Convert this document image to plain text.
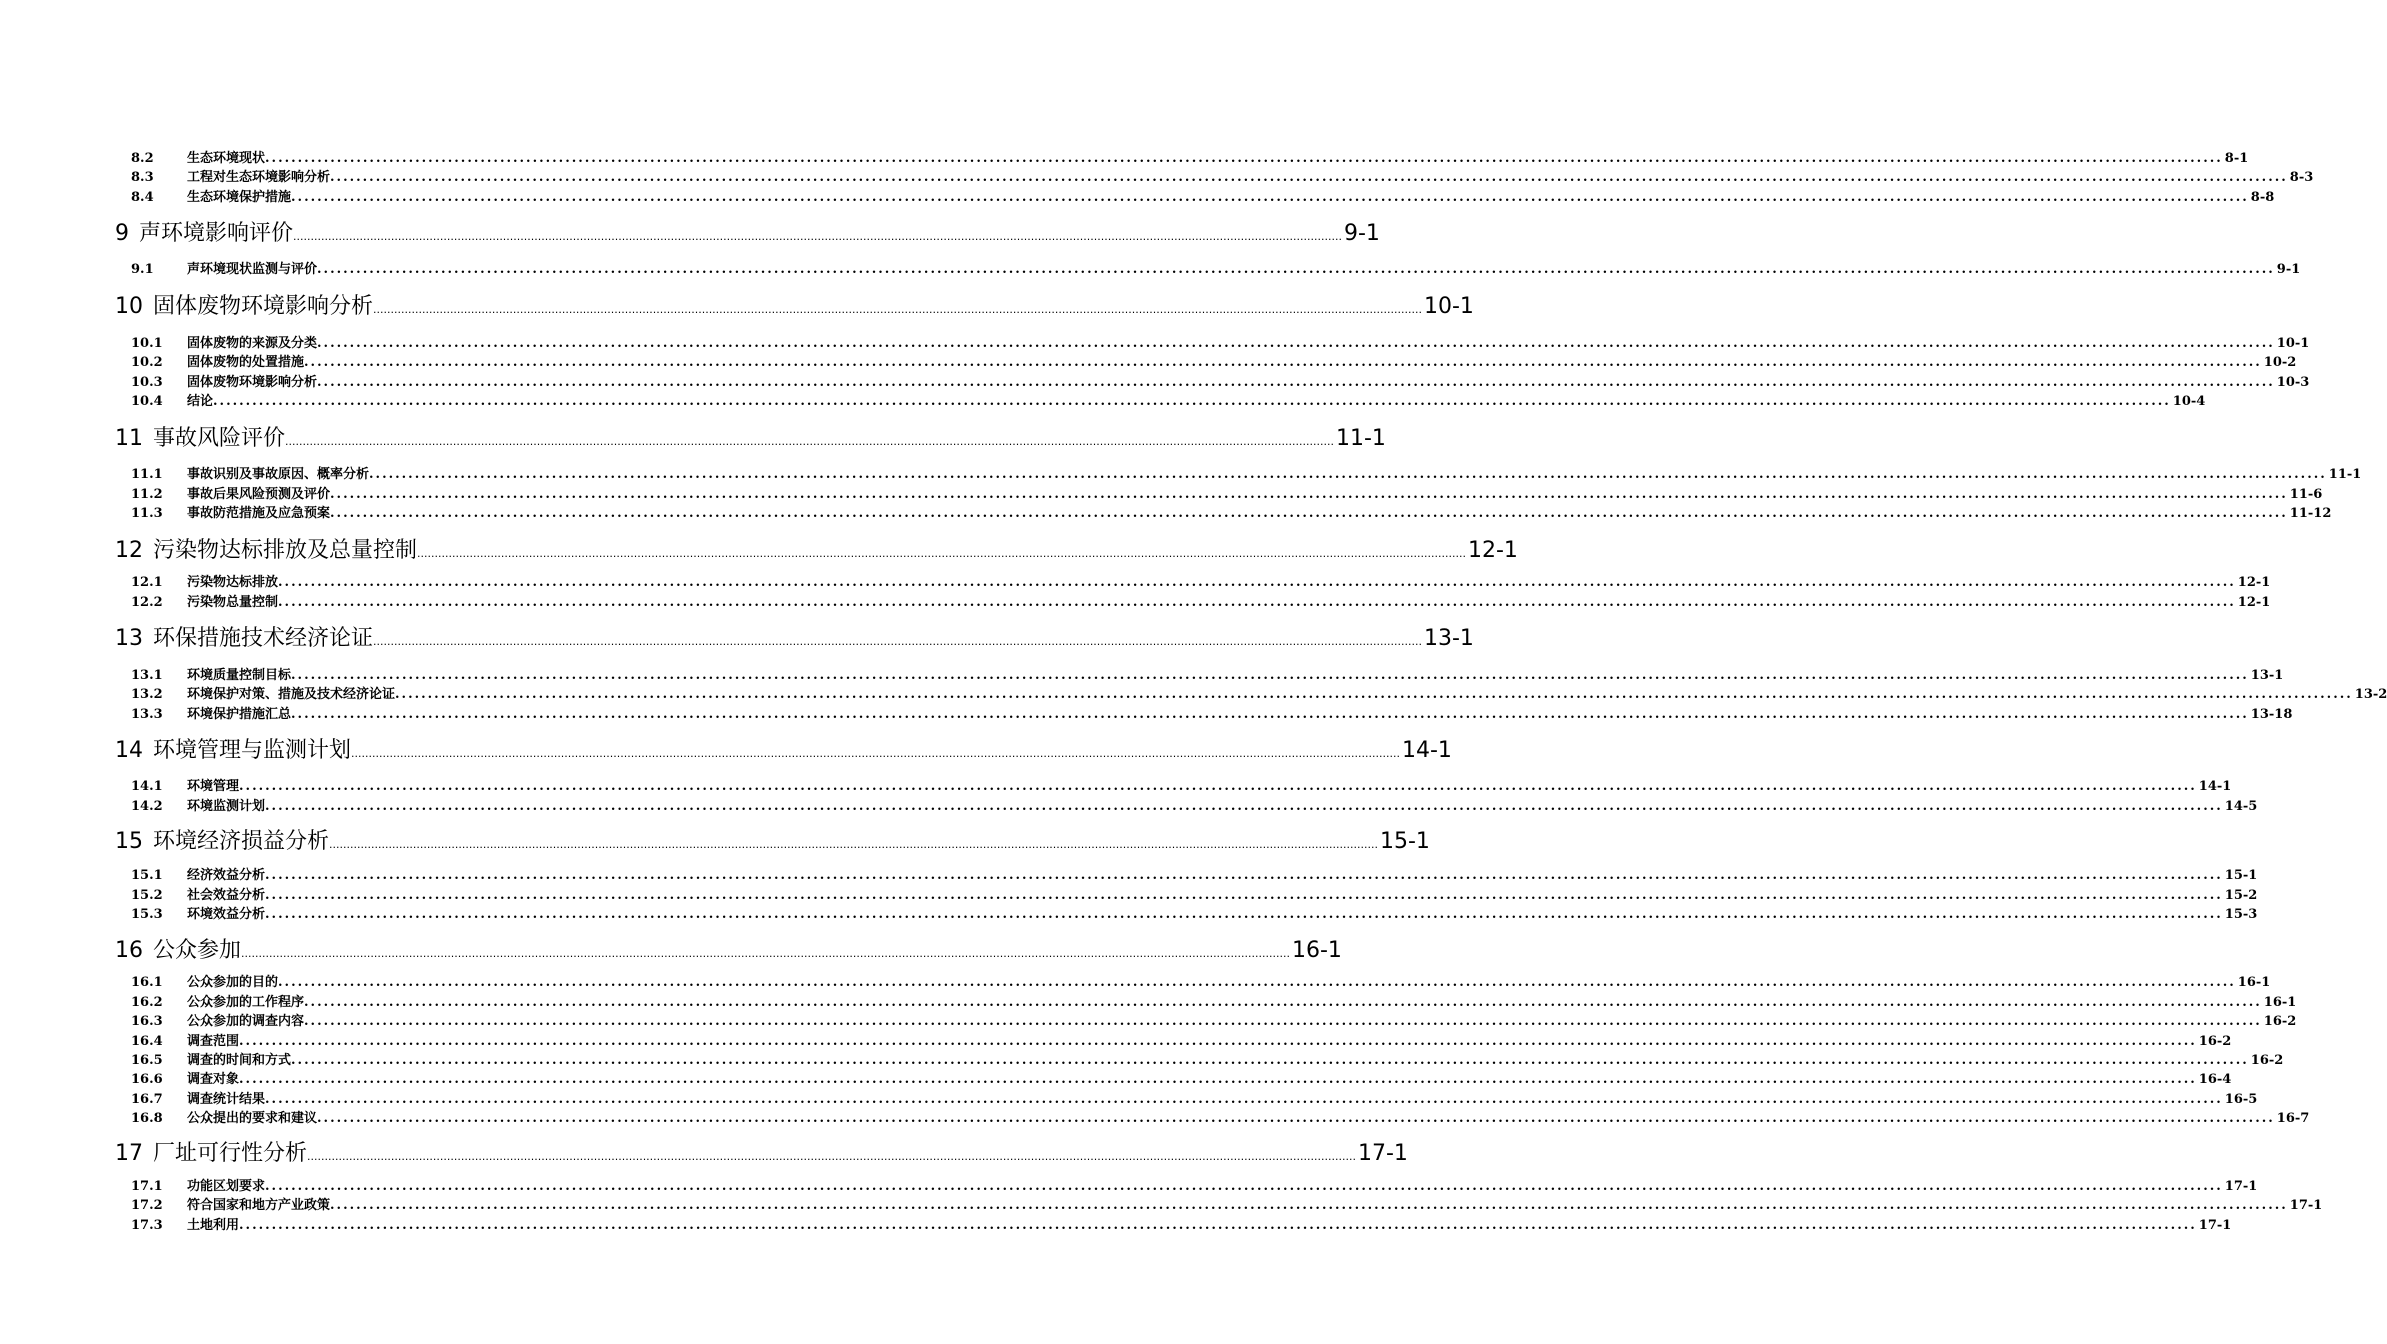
8.2	生态环境现状 ............................................................................................................................................................................................................................................................................................................ 8-1
8.3	工程对生态环境影响分析 ............................................................................................................................................................................................................................................................................................................ 8-3
8.4	生态环境保护措施 ............................................................................................................................................................................................................................................................................................................ 8-8
9 声环境影响评价 ............................................................................................................................................................................................................................................................................................................ 9-1
9.1	声环境现状监测与评价 ............................................................................................................................................................................................................................................................................................................ 9-1
10 固体废物环境影响分析 ............................................................................................................................................................................................................................................................................................................ 10-1
10.1	固体废物的来源及分类 ............................................................................................................................................................................................................................................................................................................ 10-1
10.2	固体废物的处置措施 ............................................................................................................................................................................................................................................................................................................ 10-2
10.3	固体废物环境影响分析 ............................................................................................................................................................................................................................................................................................................ 10-3
10.4	结论 ............................................................................................................................................................................................................................................................................................................ 10-4
11 事故风险评价 ............................................................................................................................................................................................................................................................................................................ 11-1
11.1	事故识别及事故原因、概率分析 ............................................................................................................................................................................................................................................................................................................ 11-1
11.2	事故后果风险预测及评价 ............................................................................................................................................................................................................................................................................................................ 11-6
11.3	事故防范措施及应急预案 ............................................................................................................................................................................................................................................................................................................ 11-12
12 污染物达标排放及总量控制 ............................................................................................................................................................................................................................................................................................................ 12-1
12.1	污染物达标排放 ............................................................................................................................................................................................................................................................................................................ 12-1
12.2	污染物总量控制 ............................................................................................................................................................................................................................................................................................................ 12-1
13 环保措施技术经济论证 ............................................................................................................................................................................................................................................................................................................ 13-1
13.1	环境质量控制目标 ............................................................................................................................................................................................................................................................................................................ 13-1
13.2	环境保护对策、措施及技术经济论证 ............................................................................................................................................................................................................................................................................................................ 13-2
13.3	环境保护措施汇总 ............................................................................................................................................................................................................................................................................................................ 13-18
14 环境管理与监测计划 ............................................................................................................................................................................................................................................................................................................ 14-1
14.1	环境管理 ............................................................................................................................................................................................................................................................................................................ 14-1
14.2	环境监测计划 ............................................................................................................................................................................................................................................................................................................ 14-5
15 环境经济损益分析 ............................................................................................................................................................................................................................................................................................................ 15-1
15.1	经济效益分析 ............................................................................................................................................................................................................................................................................................................ 15-1
15.2	社会效益分析 ............................................................................................................................................................................................................................................................................................................ 15-2
15.3	环境效益分析 ............................................................................................................................................................................................................................................................................................................ 15-3
16 公众参加 ............................................................................................................................................................................................................................................................................................................ 16-1
16.1	公众参加的目的 ............................................................................................................................................................................................................................................................................................................ 16-1
16.2	公众参加的工作程序 ............................................................................................................................................................................................................................................................................................................ 16-1
16.3	公众参加的调查内容 ............................................................................................................................................................................................................................................................................................................ 16-2
16.4	调查范围 ............................................................................................................................................................................................................................................................................................................ 16-2
16.5	调查的时间和方式 ............................................................................................................................................................................................................................................................................................................ 16-2
16.6	调查对象 ............................................................................................................................................................................................................................................................................................................ 16-4
16.7	调查统计结果 ............................................................................................................................................................................................................................................................................................................ 16-5
16.8	公众提出的要求和建议 ............................................................................................................................................................................................................................................................................................................ 16-7
17 厂址可行性分析 ............................................................................................................................................................................................................................................................................................................ 17-1
17.1	功能区划要求 ............................................................................................................................................................................................................................................................................................................ 17-1
17.2	符合国家和地方产业政策 ............................................................................................................................................................................................................................................................................................................ 17-1
17.3	土地利用 ............................................................................................................................................................................................................................................................................................................ 17-1
